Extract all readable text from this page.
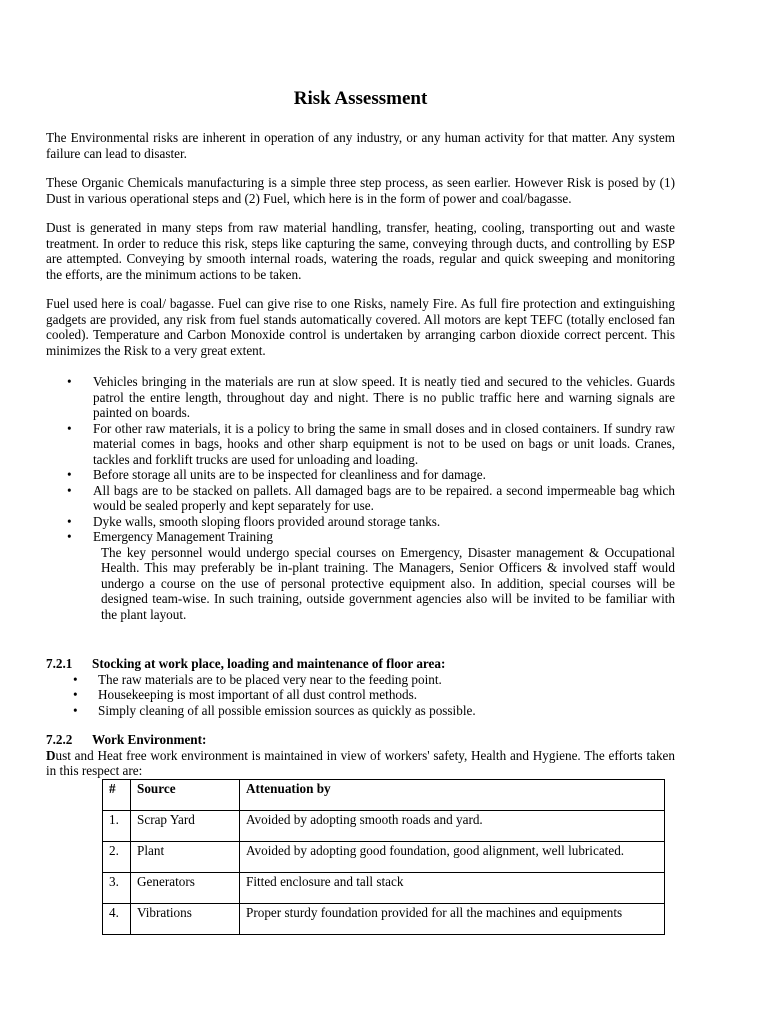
Risk Assessment

The Environmental risks are inherent in operation of any industry, or any human activity for that matter. Any system failure can lead to disaster.

These Organic Chemicals manufacturing is a simple three step process, as seen earlier. However Risk is posed by (1) Dust in various operational steps and (2) Fuel, which here is in the form of power and coal/bagasse.

Dust is generated in many steps from raw material handling, transfer, heating, cooling, transporting out and waste treatment. In order to reduce this risk, steps like capturing the same, conveying through ducts, and controlling by ESP are attempted. Conveying by smooth internal roads, watering the roads, regular and quick sweeping and monitoring the efforts, are the minimum actions to be taken.

Fuel used here is coal/ bagasse. Fuel can give rise to one Risks, namely Fire. As full fire protection and extinguishing gadgets are provided, any risk from fuel stands automatically covered. All motors are kept TEFC (totally enclosed fan cooled). Temperature and Carbon Monoxide control is undertaken by arranging carbon dioxide correct percent. This minimizes the Risk to a very great extent.

• Vehicles bringing in the materials are run at slow speed. It is neatly tied and secured to the vehicles. Guards patrol the entire length, throughout day and night. There is no public traffic here and warning signals are painted on boards.
• For other raw materials, it is a policy to bring the same in small doses and in closed containers. If sundry raw material comes in bags, hooks and other sharp equipment is not to be used on bags or unit loads. Cranes, tackles and forklift trucks are used for unloading and loading.
• Before storage all units are to be inspected for cleanliness and for damage.
• All bags are to be stacked on pallets. All damaged bags are to be repaired. a second impermeable bag which would be sealed properly and kept separately for use.
• Dyke walls, smooth sloping floors provided around storage tanks.
• Emergency Management Training
The key personnel would undergo special courses on Emergency, Disaster management & Occupational Health. This may preferably be in-plant training. The Managers, Senior Officers & involved staff would undergo a course on the use of personal protective equipment also. In addition, special courses will be designed team-wise. In such training, outside government agencies also will be invited to be familiar with the plant layout.
7.2.1 Stocking at work place, loading and maintenance of floor area:
• The raw materials are to be placed very near to the feeding point.
• Housekeeping is most important of all dust control methods.
• Simply cleaning of all possible emission sources as quickly as possible.
7.2.2 Work Environment:

Dust and Heat free work environment is maintained in view of workers' safety, Health and Hygiene. The efforts taken in this respect are:

#	Source	Attenuation by
1.	Scrap Yard	Avoided by adopting smooth roads and yard.
2.	Plant	Avoided by adopting good foundation, good alignment, well lubricated.
3.	Generators	Fitted enclosure and tall stack
4.	Vibrations	Proper sturdy foundation provided for all the machines and equipments
